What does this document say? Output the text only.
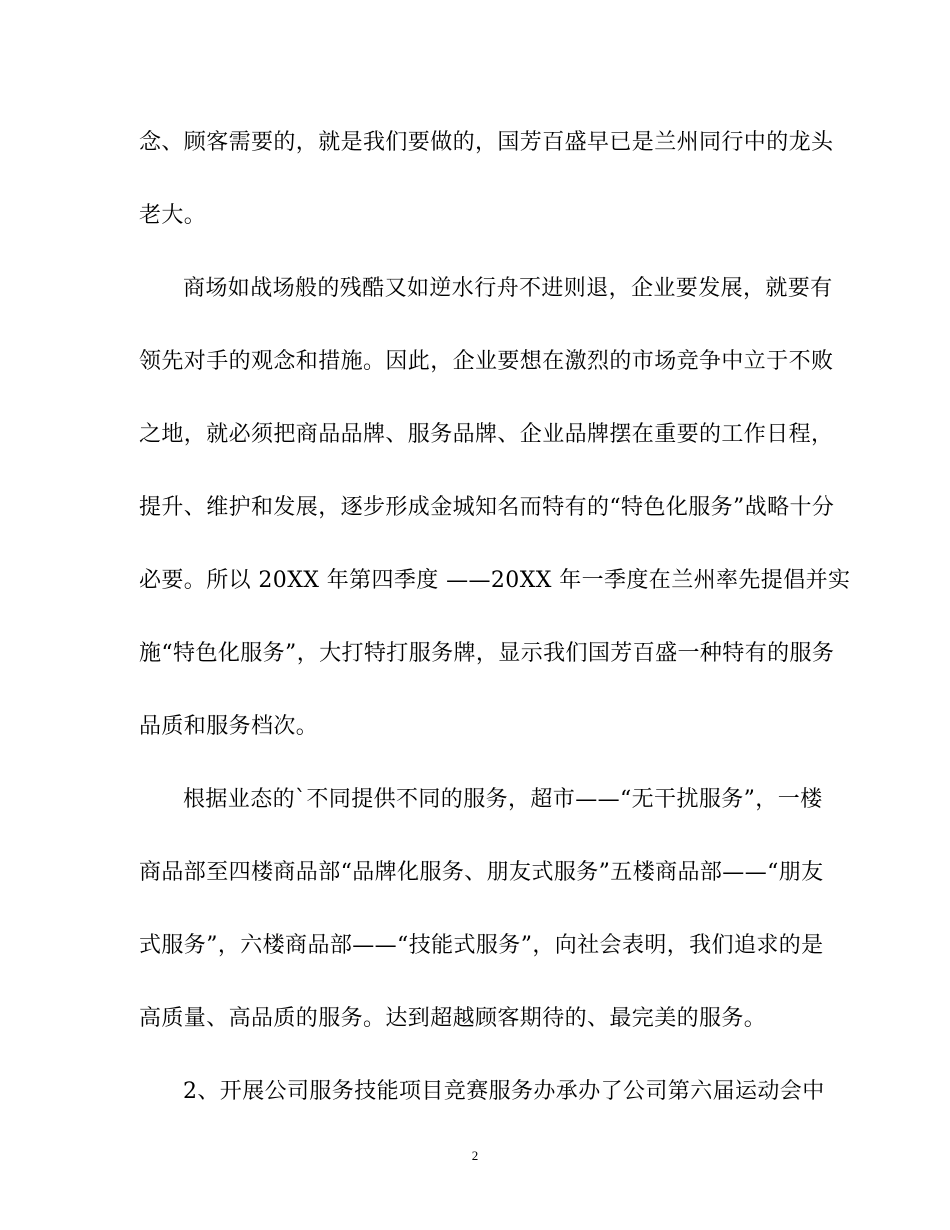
念、顾客需要的，就是我们要做的，国芳百盛早已是兰州同行中的龙头
老大。
商场如战场般的残酷又如逆水行舟不进则退，企业要发展，就要有
领先对手的观念和措施。因此，企业要想在激烈的市场竞争中立于不败
之地，就必须把商品品牌、服务品牌、企业品牌摆在重要的工作日程，
提升、维护和发展，逐步形成金城知名而特有的“特色化服务”战略十分
必要。所以 20XX 年第四季度 ——20XX 年一季度在兰州率先提倡并实
施“特色化服务”，大打特打服务牌，显示我们国芳百盛一种特有的服务
品质和服务档次。
根据业态的`不同提供不同的服务，超市——“无干扰服务”，一楼
商品部至四楼商品部“品牌化服务、朋友式服务”五楼商品部——“朋友
式服务”，六楼商品部——“技能式服务”，向社会表明，我们追求的是
高质量、高品质的服务。达到超越顾客期待的、最完美的服务。
2、开展公司服务技能项目竞赛服务办承办了公司第六届运动会中
2
